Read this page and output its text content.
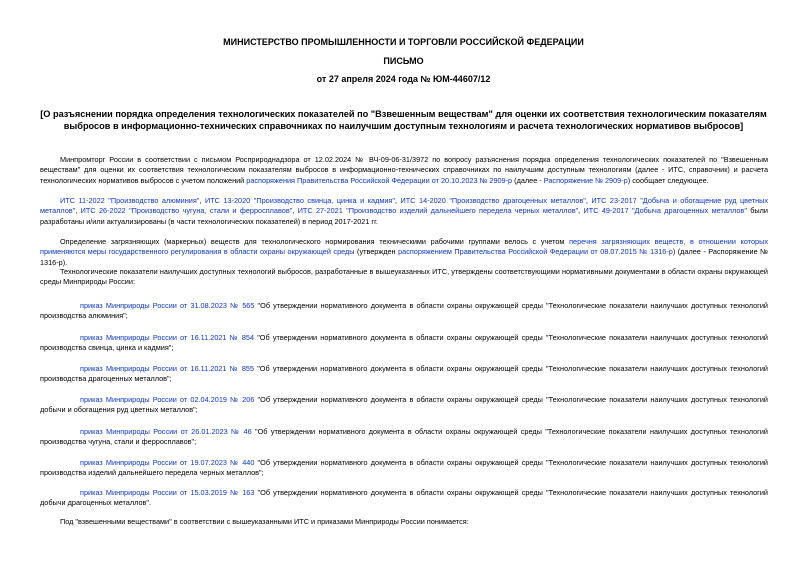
МИНИСТЕРСТВО ПРОМЫШЛЕННОСТИ И ТОРГОВЛИ РОССИЙСКОЙ ФЕДЕРАЦИИ
ПИСЬМО
от 27 апреля 2024 года № ЮМ-44607/12
[О разъяснении порядка определения технологических показателей по "Взвешенным веществам" для оценки их соответствия технологическим показателям выбросов в информационно-технических справочниках по наилучшим доступным технологиям и расчета технологических нормативов выбросов]
Минпромторг России в соответствии с письмом Росприроднадзора от 12.02.2024 № ВЧ-09-06-31/3972 по вопросу разъяснения порядка определения технологических показателей по "Взвешенным веществам" для оценки их соответствия технологическим показателям выбросов в информационно-технических справочниках по наилучшим доступным технологиям (далее - ИТС, справочник) и расчета технологических нормативов выбросов с учетом положений распоряжения Правительства Российской Федерации от 20.10.2023 № 2909-р (далее - Распоряжение № 2909-р) сообщает следующее.
ИТС 11-2022 "Производство алюминия", ИТС 13-2020 "Производство свинца, цинка и кадмия", ИТС 14-2020 "Производство драгоценных металлов", ИТС 23-2017 "Добыча и обогащение руд цветных металлов", ИТС 26-2022 "Производство чугуна, стали и ферросплавов", ИТС 27-2021 "Производство изделий дальнейшего передела черных металлов", ИТС 49-2017 "Добыча драгоценных металлов" были разработаны и/или актуализированы (в части технологических показателей) в период 2017-2021 гг.
Определение загрязняющих (маркерных) веществ для технологического нормирования техническими рабочими группами велось с учетом перечня загрязняющих веществ, в отношении которых применяются меры государственного регулирования в области охраны окружающей среды (утвержден распоряжением Правительства Российской Федерации от 08.07.2015 № 1316-р) (далее - Распоряжение № 1316-р).
Технологические показатели наилучших доступных технологий выбросов, разработанные в вышеуказанных ИТС, утверждены соответствующими нормативными документами в области охраны окружающей среды Минприроды России:
приказ Минприроды России от 31.08.2023 № 565 "Об утверждении нормативного документа в области охраны окружающей среды "Технологические показатели наилучших доступных технологий производства алюминия";
приказ Минприроды России от 16.11.2021 № 854 "Об утверждении нормативного документа в области охраны окружающей среды "Технологические показатели наилучших доступных технологий производства свинца, цинка и кадмия";
приказ Минприроды России от 16.11.2021 № 855 "Об утверждении нормативного документа в области охраны окружающей среды "Технологические показатели наилучших доступных технологий производства драгоценных металлов";
приказ Минприроды России от 02.04.2019 № 206 "Об утверждении нормативного документа в области охраны окружающей среды "Технологические показатели наилучших доступных технологий добычи и обогащения руд цветных металлов";
приказ Минприроды России от 26.01.2023 № 46 "Об утверждении нормативного документа в области охраны окружающей среды "Технологические показатели наилучших доступных технологий производства чугуна, стали и ферросплавов";
приказ Минприроды России от 19.07.2023 № 440 "Об утверждении нормативного документа в области охраны окружающей среды "Технологические показатели наилучших доступных технологий производства изделий дальнейшего передела черных металлов";
приказ Минприроды России от 15.03.2019 № 163 "Об утверждении нормативного документа в области охраны окружающей среды "Технологические показатели наилучших доступных технологий добычи драгоценных металлов".
Под "взвешенными веществами" в соответствии с вышеуказанными ИТС и приказами Минприроды России понимается:
